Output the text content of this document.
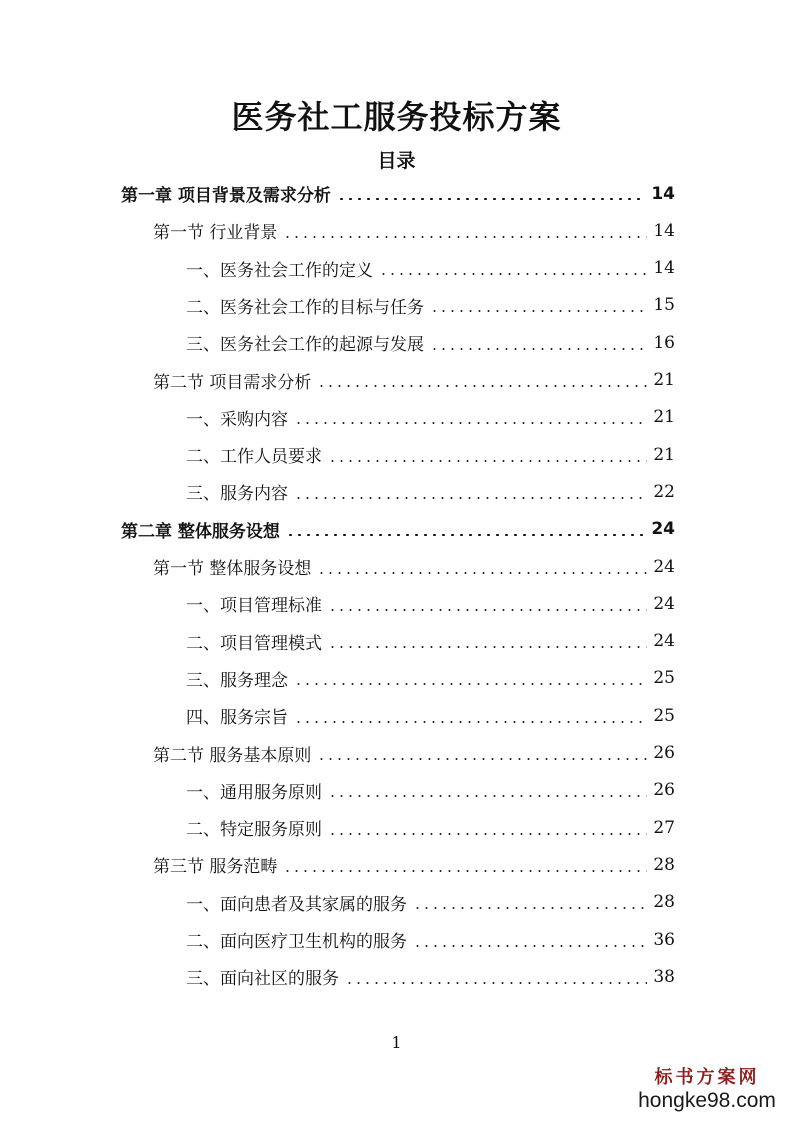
医务社工服务投标方案
目录
第一章 项目背景及需求分析	14
第一节 行业背景	14
一、医务社会工作的定义	14
二、医务社会工作的目标与任务	15
三、医务社会工作的起源与发展	16
第二节 项目需求分析	21
一、采购内容	21
二、工作人员要求	21
三、服务内容	22
第二章 整体服务设想	24
第一节 整体服务设想	24
一、项目管理标准	24
二、项目管理模式	24
三、服务理念	25
四、服务宗旨	25
第二节 服务基本原则	26
一、通用服务原则	26
二、特定服务原则	27
第三节 服务范畴	28
一、面向患者及其家属的服务	28
二、面向医疗卫生机构的服务	36
三、面向社区的服务	38
1
标书方案网
hongke98.com
